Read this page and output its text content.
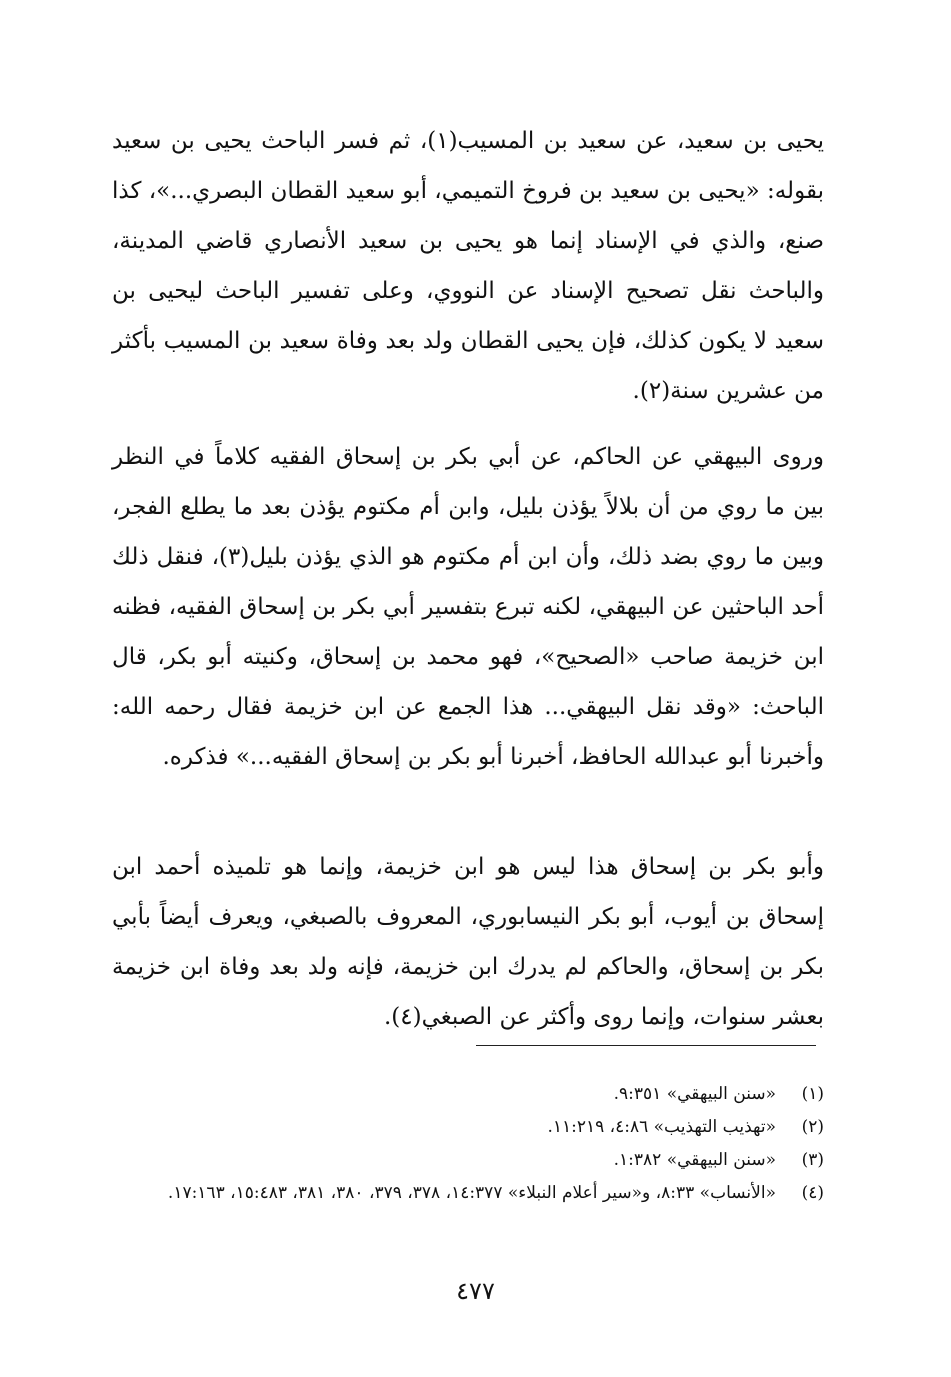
يحيى بن سعيد، عن سعيد بن المسيب(١)، ثم فسر الباحث يحيى بن سعيد بقوله: «يحيى بن سعيد بن فروخ التميمي، أبو سعيد القطان البصري...»، كذا صنع، والذي في الإسناد إنما هو يحيى بن سعيد الأنصاري قاضي المدينة، والباحث نقل تصحيح الإسناد عن النووي، وعلى تفسير الباحث ليحيى بن سعيد لا يكون كذلك، فإن يحيى القطان ولد بعد وفاة سعيد بن المسيب بأكثر من عشرين سنة(٢).

وروى البيهقي عن الحاكم، عن أبي بكر بن إسحاق الفقيه كلاماً في النظر بين ما روي من أن بلالاً يؤذن بليل، وابن أم مكتوم يؤذن بعد ما يطلع الفجر، وبين ما روي بضد ذلك، وأن ابن أم مكتوم هو الذي يؤذن بليل(٣)، فنقل ذلك أحد الباحثين عن البيهقي، لكنه تبرع بتفسير أبي بكر بن إسحاق الفقيه، فظنه ابن خزيمة صاحب «الصحيح»، فهو محمد بن إسحاق، وكنيته أبو بكر، قال الباحث: «وقد نقل البيهقي... هذا الجمع عن ابن خزيمة فقال رحمه الله: وأخبرنا أبو عبدالله الحافظ، أخبرنا أبو بكر بن إسحاق الفقيه...» فذكره.

وأبو بكر بن إسحاق هذا ليس هو ابن خزيمة، وإنما هو تلميذه أحمد ابن إسحاق بن أيوب، أبو بكر النيسابوري، المعروف بالصبغي، ويعرف أيضاً بأبي بكر بن إسحاق، والحاكم لم يدرك ابن خزيمة، فإنه ولد بعد وفاة ابن خزيمة بعشر سنوات، وإنما روى وأكثر عن الصبغي(٤).

(١)
«سنن البيهقي» ٩:٣٥١.
(٢)
«تهذيب التهذيب» ٤:٨٦، ١١:٢١٩.
(٣)
«سنن البيهقي» ١:٣٨٢.
(٤)
«الأنساب» ٨:٣٣، و«سير أعلام النبلاء» ١٤:٣٧٧، ٣٧٨، ٣٧٩، ٣٨٠، ٣٨١، ١٥:٤٨٣، ١٧:١٦٣.
٤٧٧
